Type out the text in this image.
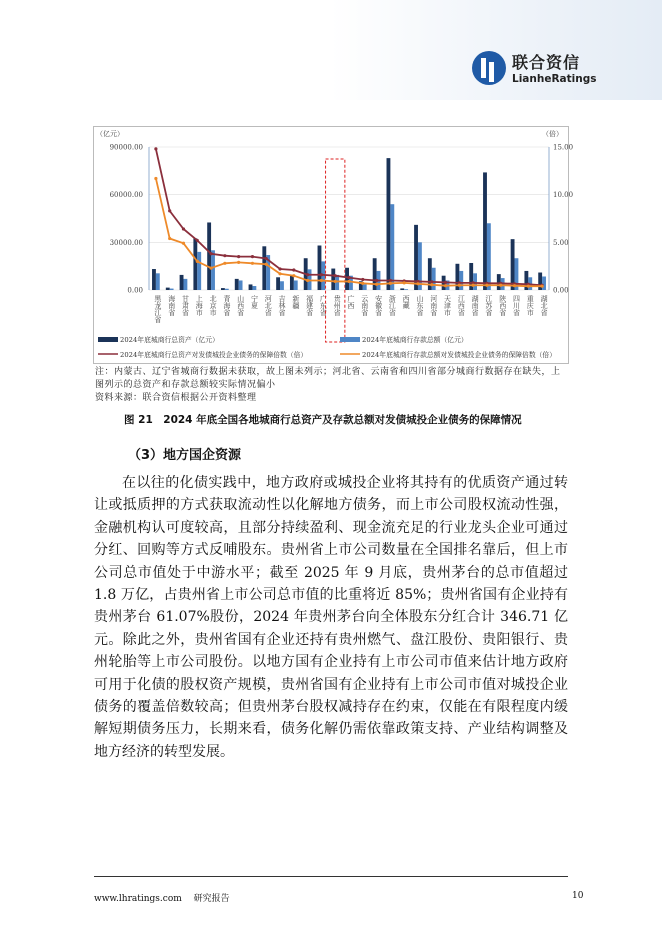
联合资信
LianheRatings
（亿元）	（倍）
0.00
30000.00
60000.00
90000.00
0.00
5.00
10.00
15.00
黑龙江省 海南省 甘肃省 上海市 北京市 青海省 山西省 宁夏 河北省 吉林省 新疆 福建省 广东省 贵州省 广西 云南省 安徽省 浙江省 西藏 山东省 河南省 天津市 江西省 湖南省 江苏省 陕西省 四川省 重庆市 湖北省
2024年底城商行总资产（亿元）	2024年底城商行存款总额（亿元）
2024年底城商行总资产对发债城投企业债务的保障倍数（倍）	2024年底城商行存款总额对发债城投企业债务的保障倍数（倍）
注：内蒙古、辽宁省城商行数据未获取，故上图未列示；河北省、云南省和四川省部分城商行数据存在缺失，上
图列示的总资产和存款总额较实际情况偏小
资料来源：联合资信根据公开资料整理
图 21　2024 年底全国各地城商行总资产及存款总额对发债城投企业债务的保障情况
（3）地方国企资源
在以往的化债实践中，地方政府或城投企业将其持有的优质资产通过转让或抵质押的方式获取流动性以化解地方债务，而上市公司股权流动性强，金融机构认可度较高，且部分持续盈利、现金流充足的行业龙头企业可通过分红、回购等方式反哺股东。贵州省上市公司数量在全国排名靠后，但上市公司总市值处于中游水平；截至 2025 年 9 月底，贵州茅台的总市值超过 1.8 万亿，占贵州省上市公司总市值的比重将近 85%；贵州省国有企业持有贵州茅台 61.07%股份，2024 年贵州茅台向全体股东分红合计 346.71 亿元。除此之外，贵州省国有企业还持有贵州燃气、盘江股份、贵阳银行、贵州轮胎等上市公司股份。以地方国有企业持有上市公司市值来估计地方政府可用于化债的股权资产规模，贵州省国有企业持有上市公司市值对城投企业债务的覆盖倍数较高；但贵州茅台股权减持存在约束，仅能在有限程度内缓解短期债务压力，长期来看，债务化解仍需依靠政策支持、产业结构调整及地方经济的转型发展。
www.lhratings.com　 研究报告	10
